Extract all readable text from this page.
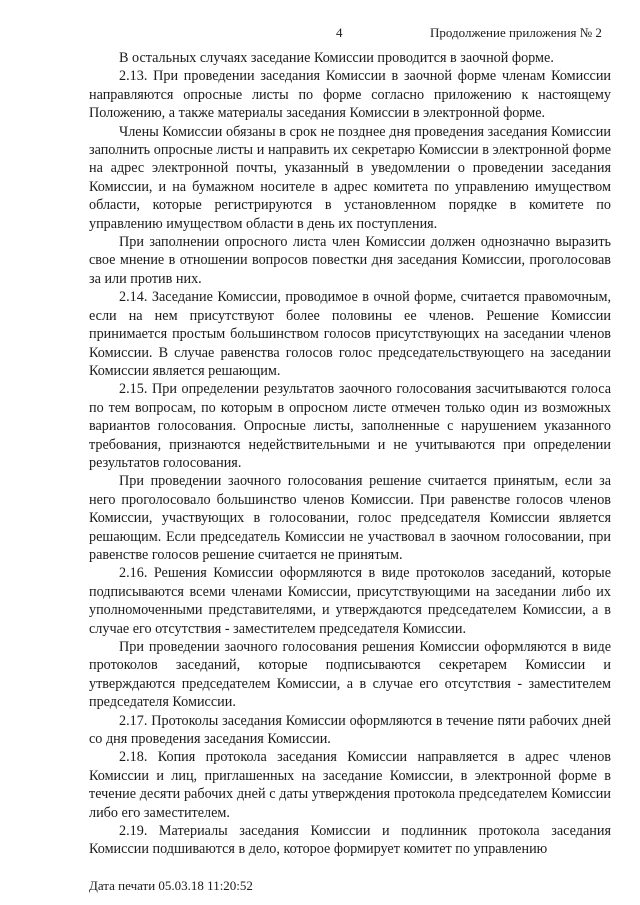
4	Продолжение приложения № 2

В остальных случаях заседание Комиссии проводится в заочной форме.

2.13. При проведении заседания Комиссии в заочной форме членам Комиссии направляются опросные листы по форме согласно приложению к настоящему Положению, а также материалы заседания Комиссии в электронной форме.

Члены Комиссии обязаны в срок не позднее дня проведения заседания Комиссии заполнить опросные листы и направить их секретарю Комиссии в электронной форме на адрес электронной почты, указанный в уведомлении о проведении заседания Комиссии, и на бумажном носителе в адрес комитета по управлению имуществом области, которые регистрируются в установленном порядке в комитете по управлению имуществом области в день их поступления.

При заполнении опросного листа член Комиссии должен однозначно выразить свое мнение в отношении вопросов повестки дня заседания Комиссии, проголосовав за или против них.

2.14. Заседание Комиссии, проводимое в очной форме, считается правомочным, если на нем присутствуют более половины ее членов. Решение Комиссии принимается простым большинством голосов присутствующих на заседании членов Комиссии. В случае равенства голосов голос председательствующего на заседании Комиссии является решающим.

2.15. При определении результатов заочного голосования засчитываются голоса по тем вопросам, по которым в опросном листе отмечен только один из возможных вариантов голосования. Опросные листы, заполненные с нарушением указанного требования, признаются недействительными и не учитываются при определении результатов голосования.

При проведении заочного голосования решение считается принятым, если за него проголосовало большинство членов Комиссии. При равенстве голосов членов Комиссии, участвующих в голосовании, голос председателя Комиссии является решающим. Если председатель Комиссии не участвовал в заочном голосовании, при равенстве голосов решение считается не принятым.

2.16. Решения Комиссии оформляются в виде протоколов заседаний, которые подписываются всеми членами Комиссии, присутствующими на заседании либо их уполномоченными представителями, и утверждаются председателем Комиссии, а в случае его отсутствия - заместителем председателя Комиссии.

При проведении заочного голосования решения Комиссии оформляются в виде протоколов заседаний, которые подписываются секретарем Комиссии и утверждаются председателем Комиссии, а в случае его отсутствия - заместителем председателя Комиссии.

2.17. Протоколы заседания Комиссии оформляются в течение пяти рабочих дней со дня проведения заседания Комиссии.

2.18. Копия протокола заседания Комиссии направляется в адрес членов Комиссии и лиц, приглашенных на заседание Комиссии, в электронной форме в течение десяти рабочих дней с даты утверждения протокола председателем Комиссии либо его заместителем.

2.19. Материалы заседания Комиссии и подлинник протокола заседания Комиссии подшиваются в дело, которое формирует комитет по управлению

Дата печати 05.03.18 11:20:52
